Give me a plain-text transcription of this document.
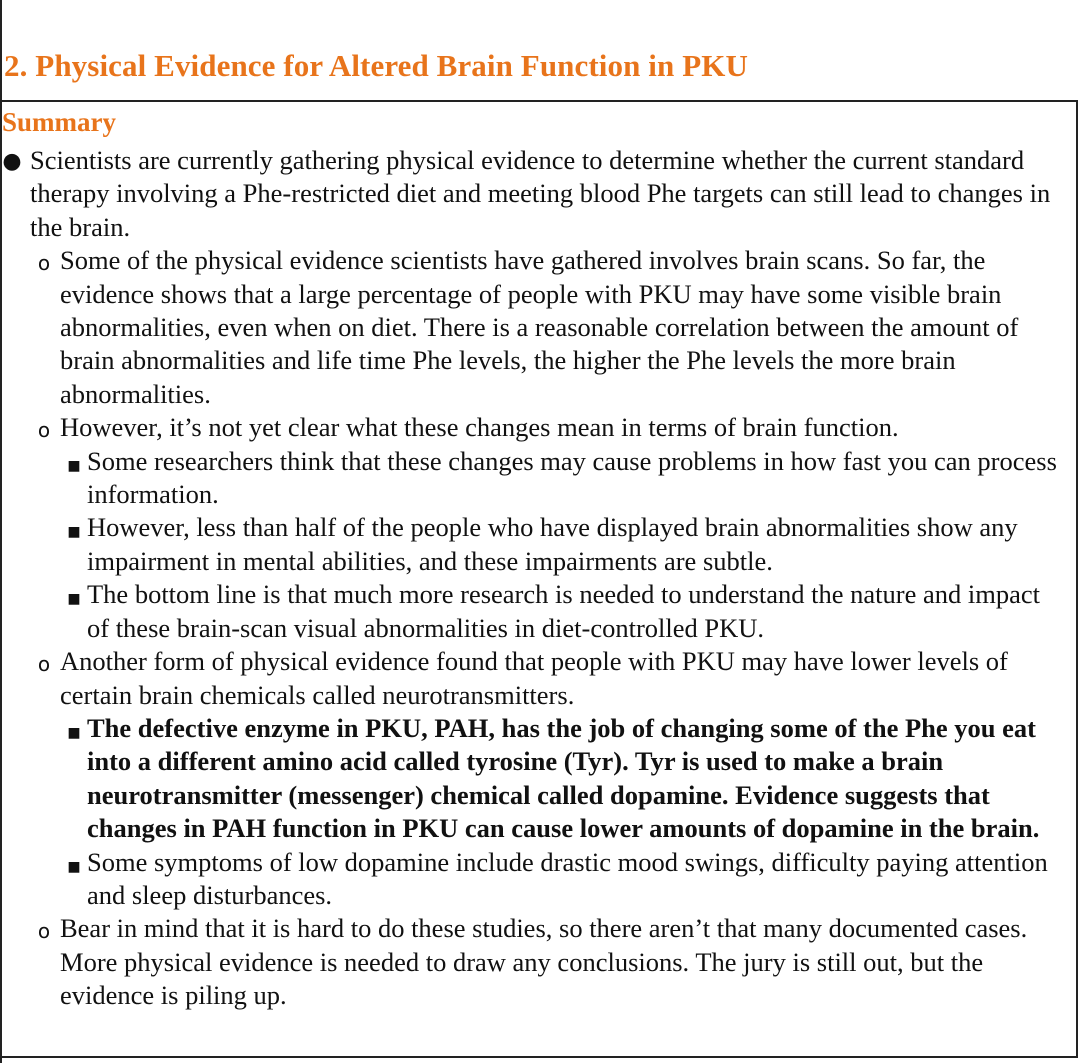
2. Physical Evidence for Altered Brain Function in PKU
Summary
● Scientists are currently gathering physical evidence to determine whether the current standard therapy involving a Phe-restricted diet and meeting blood Phe targets can still lead to changes in the brain.
o Some of the physical evidence scientists have gathered involves brain scans. So far, the evidence shows that a large percentage of people with PKU may have some visible brain abnormalities, even when on diet. There is a reasonable correlation between the amount of brain abnormalities and life time Phe levels, the higher the Phe levels the more brain abnormalities.
o However, it’s not yet clear what these changes mean in terms of brain function.
■ Some researchers think that these changes may cause problems in how fast you can process information.
■ However, less than half of the people who have displayed brain abnormalities show any impairment in mental abilities, and these impairments are subtle.
■ The bottom line is that much more research is needed to understand the nature and impact of these brain-scan visual abnormalities in diet-controlled PKU.
o Another form of physical evidence found that people with PKU may have lower levels of certain brain chemicals called neurotransmitters.
■ The defective enzyme in PKU, PAH, has the job of changing some of the Phe you eat into a different amino acid called tyrosine (Tyr). Tyr is used to make a brain neurotransmitter (messenger) chemical called dopamine. Evidence suggests that changes in PAH function in PKU can cause lower amounts of dopamine in the brain.
■ Some symptoms of low dopamine include drastic mood swings, difficulty paying attention and sleep disturbances.
o Bear in mind that it is hard to do these studies, so there aren’t that many documented cases. More physical evidence is needed to draw any conclusions. The jury is still out, but the evidence is piling up.
